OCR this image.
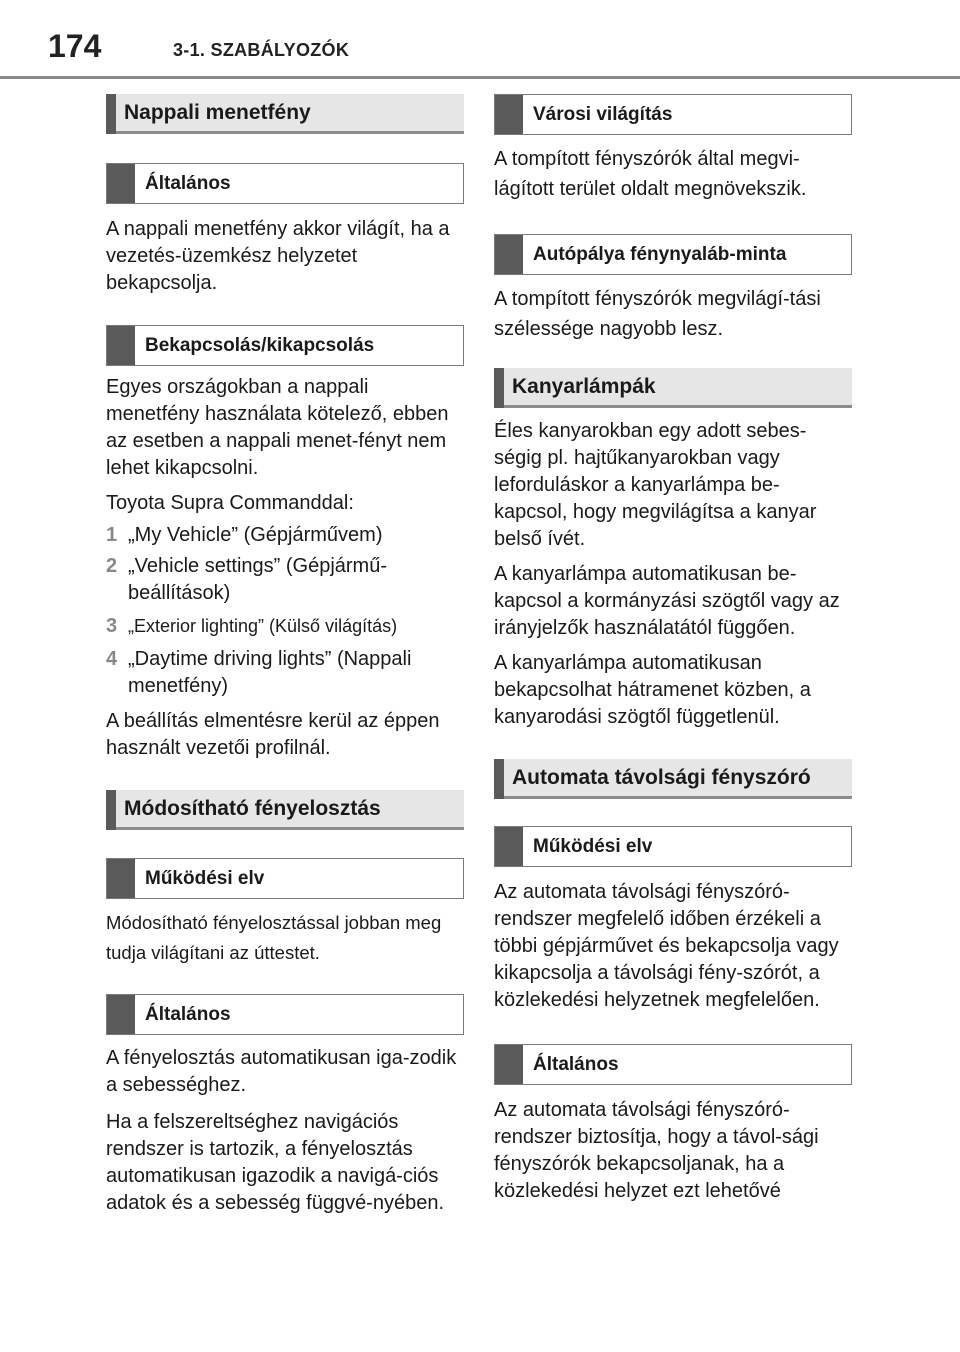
174	3-1. SZABÁLYOZÓK
Nappali menetfény
Általános

A nappali menetfény akkor világít, ha a vezetés-üzemkész helyzetet bekapcsolja.

Bekapcsolás/kikapcsolás

Egyes országokban a nappali menetfény használata kötelező, ebben az esetben a nappali menet-fényt nem lehet kikapcsolni.

Toyota Supra Commanddal:

1 „My Vehicle” (Gépjárművem)
2 „Vehicle settings” (Gépjármű-beállítások)
3 „Exterior lighting” (Külső világítás)
4 „Daytime driving lights” (Nappali menetfény)

A beállítás elmentésre kerül az éppen használt vezetői profilnál.

Módosítható fényelosztás
Működési elv

Módosítható fényelosztással jobban meg tudja világítani az úttestet.

Általános

A fényelosztás automatikusan iga-zodik a sebességhez.

Ha a felszereltséghez navigációs rendszer is tartozik, a fényelosztás automatikusan igazodik a navigá-ciós adatok és a sebesség függvé-nyében.

Városi világítás

A tompított fényszórók által megvi-lágított terület oldalt megnövekszik.

Autópálya fénynyaláb-minta

A tompított fényszórók megvilágí-tási szélessége nagyobb lesz.

Kanyarlámpák

Éles kanyarokban egy adott sebes-ségig pl. hajtűkanyarokban vagy leforduláskor a kanyarlámpa be-kapcsol, hogy megvilágítsa a kanyar belső ívét.

A kanyarlámpa automatikusan be-kapcsol a kormányzási szögtől vagy az irányjelzők használatától függően.

A kanyarlámpa automatikusan bekapcsolhat hátramenet közben, a kanyarodási szögtől függetlenül.

Automata távolsági fényszóró
Működési elv

Az automata távolsági fényszóró-rendszer megfelelő időben érzékeli a többi gépjárművet és bekapcsolja vagy kikapcsolja a távolsági fény-szórót, a közlekedési helyzetnek megfelelően.

Általános

Az automata távolsági fényszóró-rendszer biztosítja, hogy a távol-sági fényszórók bekapcsoljanak, ha a közlekedési helyzet ezt lehetővé
